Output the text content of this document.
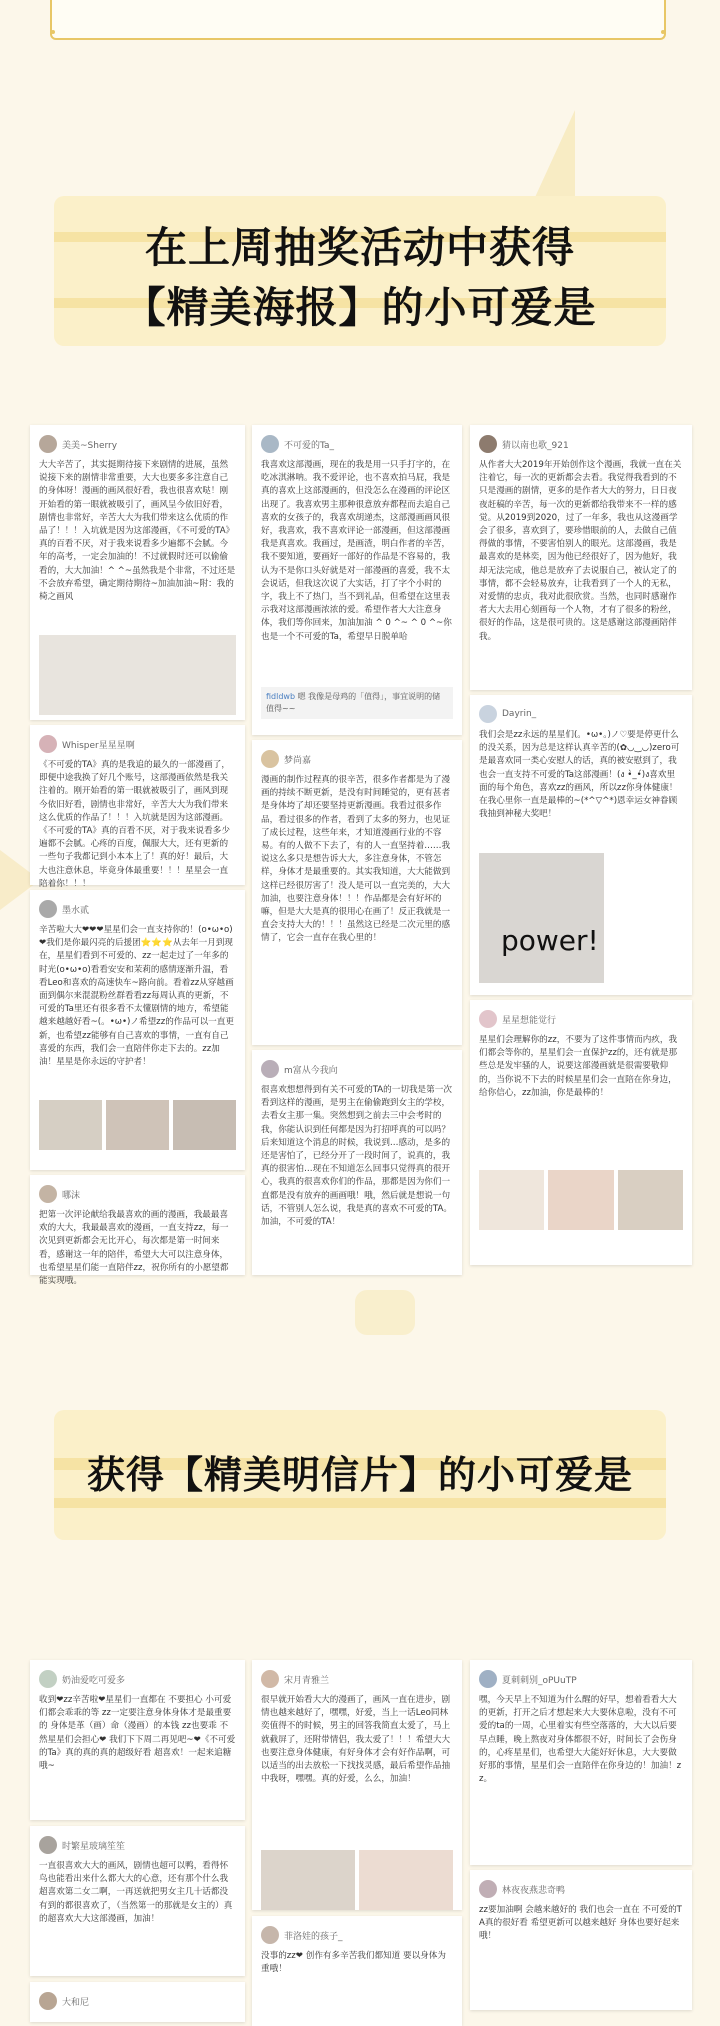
在上周抽奖活动中获得
【精美海报】的小可爱是
美美~Sherry
大大辛苦了，其实挺期待接下来剧情的进展，虽然说接下来的剧情非常重要，大大也要多多注意自己的身体呀！漫画的画风很好看，我也很喜欢哒！刚开始看的第一眼就被吸引了，画风呈今依旧好看，剧情也非常好，辛苦大大为我们带来这么优质的作品了！！！入坑就是因为这部漫画，《不可爱的TA》真的百看不厌，对于我来说看多少遍都不会腻。今年的高考，一定会加油的！不过就假时还可以偷偷看的，大大加油！^ ^~虽然我是个非常，不过还是不会放弃希望，确定期待期待~加油加油~附：我的椅之画风
Whisper星星星啊
《不可爱的TA》真的是我追的最久的一部漫画了，即便中途我换了好几个账号，这部漫画依然是我关注着的。刚开始看的第一眼就被吸引了，画风到现今依旧好看，剧情也非常好，辛苦大大为我们带来这么优质的作品了！！！入坑就是因为这部漫画。《不可爱的TA》真的百看不厌，对于我来说看多少遍都不会腻。心疼的百度，佩服大大，还有更新的一些句子我都记到小本本上了！真的好！最后，大大也注意休息，毕竟身体最重要！！！星星会一直陪着你！！！
墨水贰
辛苦啦大大❤❤❤星星们会一直支持你的！(o•ω•o)❤我们是你最闪亮的后援团⭐⭐⭐从去年一月到现在，星星们看到不可爱的、zz一起走过了一年多的时光(o•ω•o)看看安安和茉莉的感情逐渐升温，看看Leo和喜欢的高速快车~路向前。看着zz从穿越画面到偶尔来混混粉丝群看看zz每周认真的更新，不可爱的Ta里还有很多看不太懂剧情的地方，希望能越来越越好看~(。•ω•)ノ希望zz的作品可以一直更新，也希望zz能够有自己喜欢的事情，一直有自己喜爱的东西，我们会一直陪伴你走下去的。zz加油！星星是你永远的守护者！
哪沫
把第一次评论献给我最喜欢的画的漫画，我最最喜欢的大大，我最最喜欢的漫画，一直支持zz，每一次见到更新都会无比开心，每次都是第一时间来看，感谢这一年的陪伴，希望大大可以注意身体，也希望星星们能一直陪伴zz，祝你所有的小愿望都能实现哦。
不可爱的Ta_
我喜欢这部漫画，现在的我是用一只手打字的，在吃冰淇淋呐。我不爱评论，也不喜欢拍马屁，我是真的喜欢上这部漫画的，但没怎么在漫画的评论区出现了。我喜欢男主那种很意放弃都程而去追自己喜欢的女孩子的，我喜欢胡递杰，这部漫画画风很好，我喜欢，我不喜欢评论一部漫画，但这部漫画我是真喜欢。我画过，是画渣，明白作者的辛苦，我不要知道，要画好一部好的作品是不容易的，我认为不是你口头好就是对一部漫画的喜爱，我不太会说话，但我这次说了大实话，打了字个小时的字，我上不了热门，当不到礼品，但希望在这里表示我对这部漫画浓浓的爱。希望作者大大注意身体，我们等你回来，加油加油 ^ 0 ^~ ^ 0 ^~你也是一个不可爱的Ta，希望早日脱单哈
fidldwb 嗯 我像是母鸡的「值得」，事宜说明的储值得~~
梦尚嘉
漫画的制作过程真的很辛苦，很多作者都是为了漫画的持续不断更新，是没有时间睡觉的，更有甚者是身体垮了却还要坚持更新漫画。我看过很多作品，看过很多的作者，看到了太多的努力，也见证了成长过程，这些年来，才知道漫画行业的不容易。有的人做不下去了，有的人一直坚持着……我说这么多只是想告诉大大，多注意身体，不管怎样，身体才是最重要的。其实我知道，大大能做到这样已经很厉害了！没人是可以一直完美的，大大加油，也要注意身体！！！作品都是会有好坏的嘛，但是大大是真的很用心在画了！反正我就是一直会支持大大的！！！虽然这已经是二次元里的感情了，它会一直存在我心里的！
m富从今我向
很喜欢想想得到有关不可爱的TA的一切我是第一次看到这样的漫画，是男主在偷偷跑到女主的学校，去看女主那一集。突然想到之前去三中会考时的我，你能认识到任何都是因为打招呼真的可以吗？后来知道这个消息的时候，我说到…感动，是多的还是害怕了，已经分开了一段时间了，说真的，我真的很害怕…现在不知道怎么回事只觉得真的很开心，我真的很喜欢你们的作品，那都是因为你们一直都是没有放弃的画画哦！哦，然后就是想说一句话，不管别人怎么说，我是真的喜欢不可爱的TA。加油，不可爱的TA！
猜以南也歌_921
从作者大大2019年开始创作这个漫画，我就一直在关注着它，每一次的更新都会去看。我觉得我看到的不只是漫画的剧情，更多的是作者大大的努力，日日夜夜赶稿的辛苦，每一次的更新都给我带来不一样的感觉。从2019到2020，过了一年多，我也从这漫画学会了很多，喜欢到了，要珍惜眼前的人，去做自己值得做的事情，不要害怕别人的眼光。这部漫画，我是最喜欢的是林奕，因为他已经很好了，因为他好，我却无法完成，他总是放弃了去说服自己，被认定了的事情，都不会轻易放弃，让我看到了一个人的无私，对爱情的忠贞，我对此很欣赏。当然，也同时感谢作者大大去用心刻画每一个人物，才有了很多的粉丝，很好的作品，这是很可贵的。这是感谢这部漫画陪伴我。
Dayrin_
我们会是zz永远的星星们(。•ω•。)ノ♡要是停更什么的没关系，因为总是这样认真辛苦的(✿◡‿◡)zero可是最喜欢同一类心安慰人的话，真的被安慰到了，我也会一直支持不可爱的Ta这部漫画！(ง •̀_•́)ง喜欢里面的每个角色，喜欢zz的画风，所以zz你身体健康！在我心里你一直是最棒的~(*^▽^*)恩幸运女神眷顾我抽到神秘大奖吧！
power!
星星想能觉行
星星们会理解你的zz，不要为了这件事情而内疚，我们都会等你的，星星们会一直保护zz的，还有就是那些总是发牢骚的人，说要这部漫画就是很需要敬仰的，当你说不下去的时候星星们会一直陪在你身边，给你信心，zz加油，你是最棒的！
获得【精美明信片】的小可爱是
奶油爱吃可爱多
收到❤zz辛苦啦❤星星们一直都在 不要担心 小可爱们都会乖乖的等 zz一定要注意身体身体才是最重要的 身体是革（画）命（漫画）的本钱 zz也要乖 不然星星们会担心❤ 我们下下周二再见吧~❤《不可爱的Ta》真的真的真的超级好看 超喜欢！一起来追糖哦~
时繁星玻璃笙笙
一直很喜欢大大的画风，剧情也超可以鸭，看得怀鸟也能看出来什么都大大的心意，还有那个什么我超喜欢第二女二啊，一再送就把男女主几十话都没有到的都很喜欢了，（当然第一的那就是女主的）真的超喜欢大大这部漫画，加油！
大和尼
宋月青雅兰
很早就开始看大大的漫画了，画风一直在进步，剧情也越来越好了，嘿嘿，好爱，当上一话Leo同林奕值得不的时候，男主的回答我简直太爱了，马上就截屏了，还附带情侣，我太爱了！！！希望大大也要注意身体健康，有好身体才会有好作品啊，可以适当的出去放松一下找找灵感，最后希望作品抽中我呀，嘿嘿。真的好爱，么么，加油！
菲洛娃的孩子_
没事的zz❤ 创作有多辛苦我们都知道 要以身体为重哦！
夏刺刺别_oPUuTP
嘿，今天早上不知道为什么醒的好早，想着看看大大的更新，打开之后才想起来大大要休息啦，没有不可爱的ta的一周，心里着实有些空落落的，大大以后要早点睡，晚上熬夜对身体都很不好，时间长了会伤身的，心疼星星们，也希望大大能好好休息，大大要做好那的事情，星星们会一直陪伴在你身边的！加油！zz。
林夜夜燕悲奇鸭
zz要加油啊 会越来越好的 我们也会一直在 不可爱的TA真的很好看 希望更新可以越来越好 身体也要好起来哦！
